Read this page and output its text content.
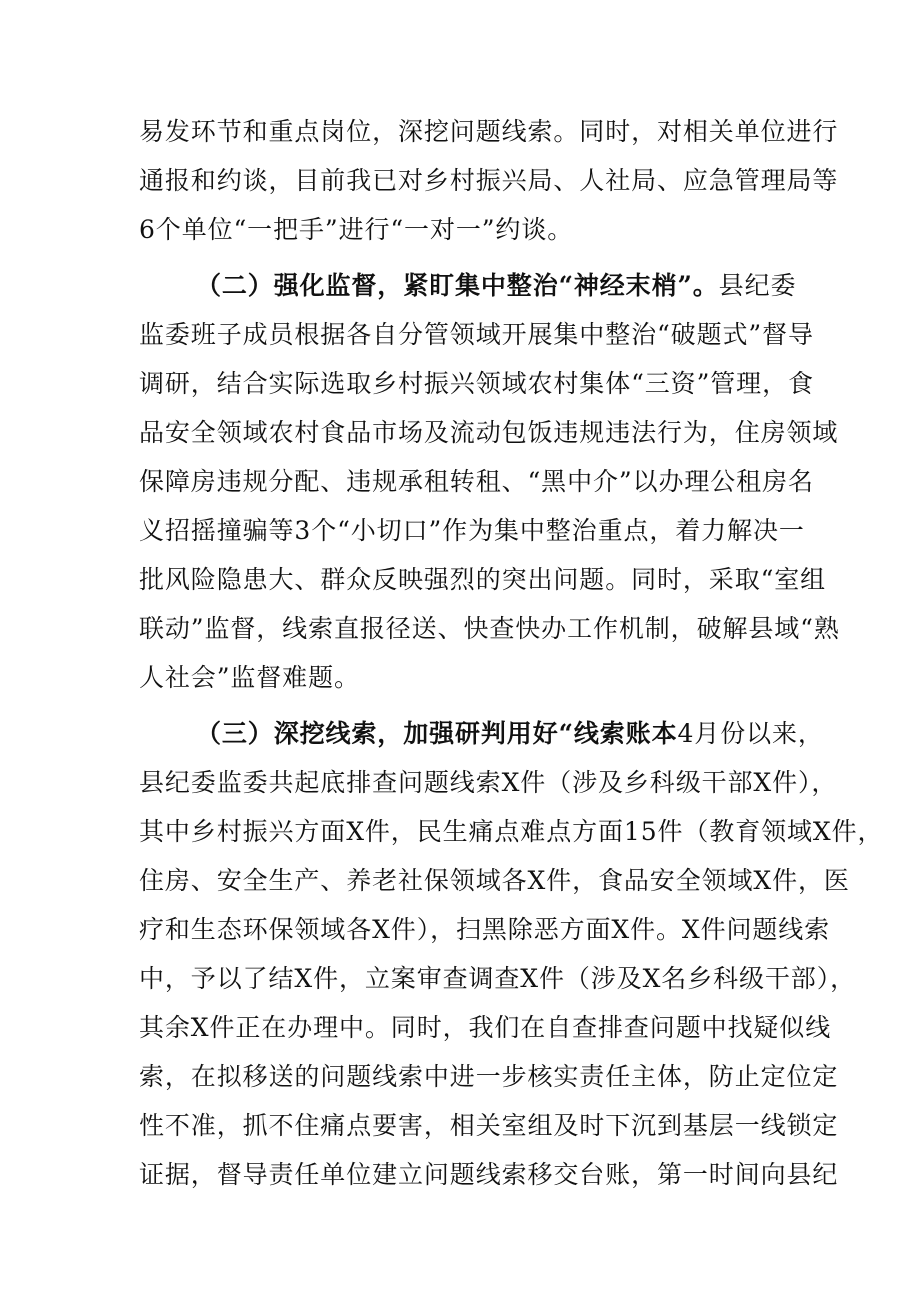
易发环节和重点岗位，深挖问题线索。同时，对相关单位进行
通报和约谈，目前我已对乡村振兴局、人社局、应急管理局等
6个单位“一把手”进行“一对一”约谈。
（二）强化监督，紧盯集中整治“神经末梢”。县纪委
监委班子成员根据各自分管领域开展集中整治“破题式”督导
调研，结合实际选取乡村振兴领域农村集体“三资”管理，食
品安全领域农村食品市场及流动包饭违规违法行为，住房领域
保障房违规分配、违规承租转租、“黑中介”以办理公租房名
义招摇撞骗等3个“小切口”作为集中整治重点，着力解决一
批风险隐患大、群众反映强烈的突出问题。同时，采取“室组
联动”监督，线索直报径送、快查快办工作机制，破解县域“熟
人社会”监督难题。
（三）深挖线索，加强研判用好“线索账本4月份以来，
县纪委监委共起底排查问题线索X件（涉及乡科级干部X件），
其中乡村振兴方面X件，民生痛点难点方面15件（教育领域X件，
住房、安全生产、养老社保领域各X件，食品安全领域X件，医
疗和生态环保领域各X件），扫黑除恶方面X件。X件问题线索
中，予以了结X件，立案审查调查X件（涉及X名乡科级干部），
其余X件正在办理中。同时，我们在自查排查问题中找疑似线
索，在拟移送的问题线索中进一步核实责任主体，防止定位定
性不准，抓不住痛点要害，相关室组及时下沉到基层一线锁定
证据，督导责任单位建立问题线索移交台账，第一时间向县纪
